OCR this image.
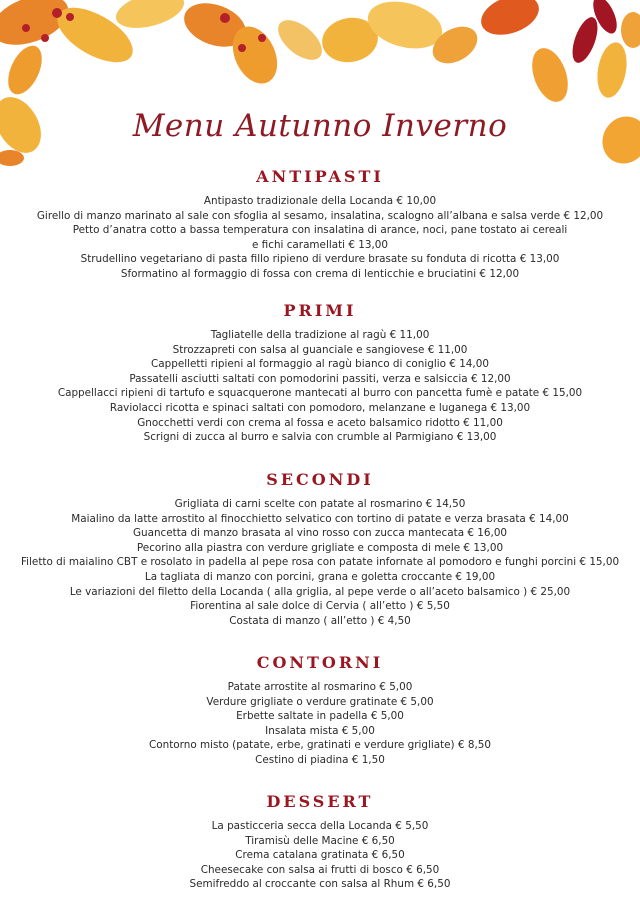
Menu Autunno Inverno
ANTIPASTI
Antipasto tradizionale della Locanda € 10,00
Girello di manzo marinato al sale con sfoglia al sesamo, insalatina, scalogno all’albana e salsa verde € 12,00
Petto d’anatra cotto a bassa temperatura con insalatina di arance, noci, pane tostato ai cereali
e fichi caramellati € 13,00
Strudellino vegetariano di pasta fillo ripieno di verdure brasate su fonduta di ricotta € 13,00
Sformatino al formaggio di fossa con crema di lenticchie e bruciatini € 12,00
PRIMI
Tagliatelle della tradizione al ragù € 11,00
Strozzapreti con salsa al guanciale e sangiovese € 11,00
Cappelletti ripieni al formaggio al ragù bianco di coniglio € 14,00
Passatelli asciutti saltati con pomodorini passiti, verza e salsiccia € 12,00
Cappellacci ripieni di tartufo e squacquerone mantecati al burro con pancetta fumè e patate € 15,00
Raviolacci ricotta e spinaci saltati con pomodoro, melanzane e luganega € 13,00
Gnocchetti verdi con crema al fossa e aceto balsamico ridotto € 11,00
Scrigni di zucca al burro e salvia con crumble al Parmigiano € 13,00
SECONDI
Grigliata di carni scelte con patate al rosmarino € 14,50
Maialino da latte arrostito al finocchietto selvatico con tortino di patate e verza brasata € 14,00
Guancetta di manzo brasata al vino rosso con zucca mantecata € 16,00
Pecorino alla piastra con verdure grigliate e composta di mele € 13,00
Filetto di maialino CBT e rosolato in padella al pepe rosa con patate infornate al pomodoro e funghi porcini € 15,00
La tagliata di manzo con porcini, grana e goletta croccante € 19,00
Le variazioni del filetto della Locanda ( alla griglia, al pepe verde o all’aceto balsamico ) € 25,00
Fiorentina al sale dolce di Cervia ( all’etto ) € 5,50
Costata di manzo ( all’etto ) € 4,50
CONTORNI
Patate arrostite al rosmarino € 5,00
Verdure grigliate o verdure gratinate € 5,00
Erbette saltate in padella € 5,00
Insalata mista € 5,00
Contorno misto (patate, erbe, gratinati e verdure grigliate) € 8,50
Cestino di piadina € 1,50
DESSERT
La pasticceria secca della Locanda € 5,50
Tiramisù delle Macine € 6,50
Crema catalana gratinata € 6,50
Cheesecake con salsa ai frutti di bosco € 6,50
Semifreddo al croccante con salsa al Rhum € 6,50
